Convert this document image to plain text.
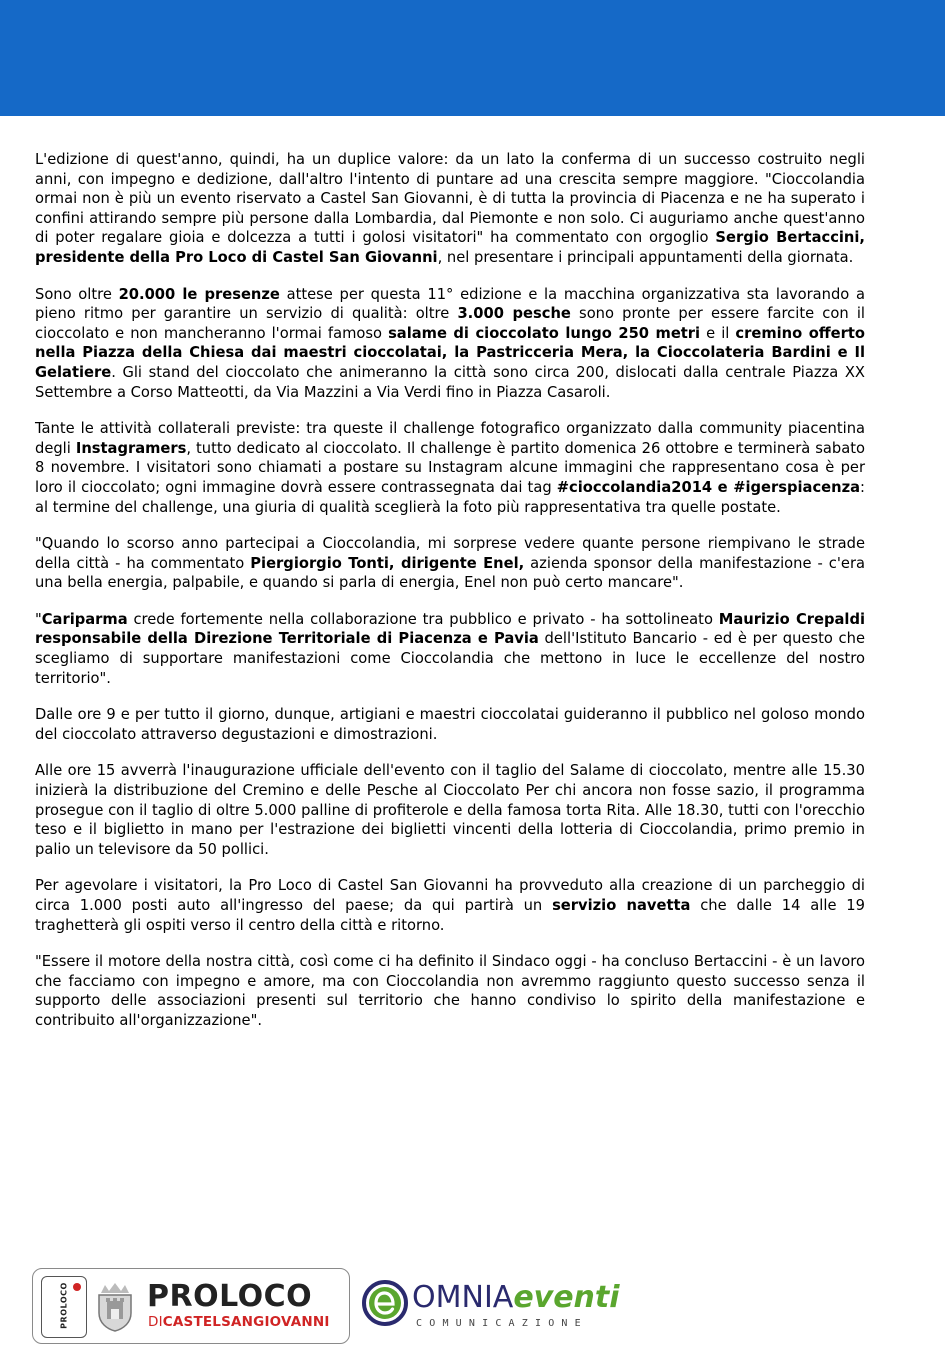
L'edizione di quest'anno, quindi, ha un duplice valore: da un lato la conferma di un successo costruito negli anni, con impegno e dedizione, dall'altro l'intento di puntare ad una crescita sempre maggiore. "Cioccolandia ormai non è più un evento riservato a Castel San Giovanni, è di tutta la provincia di Piacenza e ne ha superato i confini attirando sempre più persone dalla Lombardia, dal Piemonte e non solo. Ci auguriamo anche quest'anno di poter regalare gioia e dolcezza a tutti i golosi visitatori" ha commentato con orgoglio Sergio Bertaccini, presidente della Pro Loco di Castel San Giovanni, nel presentare i principali appuntamenti della giornata.

Sono oltre 20.000 le presenze attese per questa 11° edizione e la macchina organizzativa sta lavorando a pieno ritmo per garantire un servizio di qualità: oltre 3.000 pesche sono pronte per essere farcite con il cioccolato e non mancheranno l'ormai famoso salame di cioccolato lungo 250 metri e il cremino offerto nella Piazza della Chiesa dai maestri cioccolatai, la Pastricceria Mera, la Cioccolateria Bardini e Il Gelatiere. Gli stand del cioccolato che animeranno la città sono circa 200, dislocati dalla centrale Piazza XX Settembre a Corso Matteotti, da Via Mazzini a Via Verdi fino in Piazza Casaroli.

Tante le attività collaterali previste: tra queste il challenge fotografico organizzato dalla community piacentina degli Instagramers, tutto dedicato al cioccolato. Il challenge è partito domenica 26 ottobre e terminerà sabato 8 novembre. I visitatori sono chiamati a postare su Instagram alcune immagini che rappresentano cosa è per loro il cioccolato; ogni immagine dovrà essere contrassegnata dai tag #cioccolandia2014 e #igerspiacenza: al termine del challenge, una giuria di qualità sceglierà la foto più rappresentativa tra quelle postate.

"Quando lo scorso anno partecipai a Cioccolandia, mi sorprese vedere quante persone riempivano le strade della città - ha commentato Piergiorgio Tonti, dirigente Enel, azienda sponsor della manifestazione - c'era una bella energia, palpabile, e quando si parla di energia, Enel non può certo mancare".

"Cariparma crede fortemente nella collaborazione tra pubblico e privato - ha sottolineato Maurizio Crepaldi responsabile della Direzione Territoriale di Piacenza e Pavia dell'Istituto Bancario - ed è per questo che scegliamo di supportare manifestazioni come Cioccolandia che mettono in luce le eccellenze del nostro territorio".

Dalle ore 9 e per tutto il giorno, dunque, artigiani e maestri cioccolatai guideranno il pubblico nel goloso mondo del cioccolato attraverso degustazioni e dimostrazioni.

Alle ore 15 avverrà l'inaugurazione ufficiale dell'evento con il taglio del Salame di cioccolato, mentre alle 15.30 inizierà la distribuzione del Cremino e delle Pesche al Cioccolato Per chi ancora non fosse sazio, il programma prosegue con il taglio di oltre 5.000 palline di profiterole e della famosa torta Rita. Alle 18.30, tutti con l'orecchio teso e il biglietto in mano per l'estrazione dei biglietti vincenti della lotteria di Cioccolandia, primo premio in palio un televisore da 50 pollici.

Per agevolare i visitatori, la Pro Loco di Castel San Giovanni ha provveduto alla creazione di un parcheggio di circa 1.000 posti auto all'ingresso del paese; da qui partirà un servizio navetta che dalle 14 alle 19 traghetterà gli ospiti verso il centro della città e ritorno.

"Essere il motore della nostra città, così come ci ha definito il Sindaco oggi - ha concluso Bertaccini - è un lavoro che facciamo con impegno e amore, ma con Cioccolandia non avremmo raggiunto questo successo senza il supporto delle associazioni presenti sul territorio che hanno condiviso lo spirito della manifestazione e contribuito all'organizzazione".

PROLOCO	PROLOCO
DICASTELSANGIOVANNI
OMNIAeventi
COMUNICAZIONE
